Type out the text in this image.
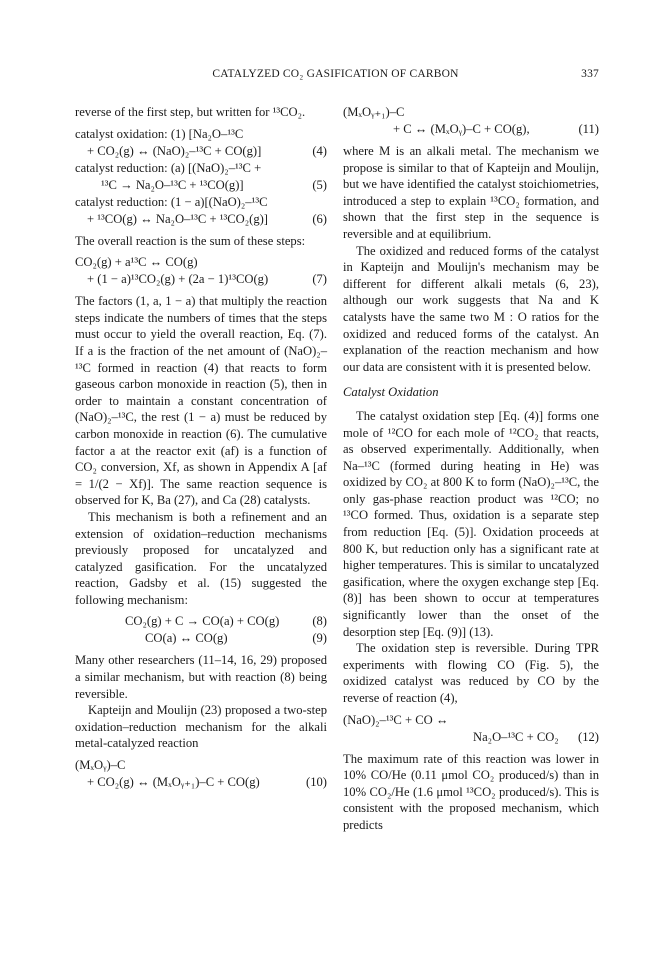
CATALYZED CO₂ GASIFICATION OF CARBON	337

reverse of the first step, but written for ¹³CO₂.

catalyst oxidation: (1) [Na₂O–¹³C
+ CO₂(g) ↔ (NaO)₂–¹³C + CO(g)]	(4)
catalyst reduction: (a) [(NaO)₂–¹³C +
¹³C → Na₂O–¹³C + ¹³CO(g)]	(5)
catalyst reduction: (1 − a)[(NaO)₂–¹³C
+ ¹³CO(g) ↔ Na₂O–¹³C + ¹³CO₂(g)]	(6)

The overall reaction is the sum of these steps:

CO₂(g) + a¹³C ↔ CO(g)
+ (1 − a)¹³CO₂(g) + (2a − 1)¹³CO(g)	(7)

The factors (1, a, 1 − a) that multiply the reaction steps indicate the numbers of times that the steps must occur to yield the overall reaction, Eq. (7). If a is the fraction of the net amount of (NaO)₂–¹³C formed in reaction (4) that reacts to form gaseous carbon monoxide in reaction (5), then in order to maintain a constant concentration of (NaO)₂–¹³C, the rest (1 − a) must be reduced by carbon monoxide in reaction (6). The cumulative factor a at the reactor exit (af) is a function of CO₂ conversion, Xf, as shown in Appendix A [af = 1/(2 − Xf)]. The same reaction sequence is observed for K, Ba (27), and Ca (28) catalysts.

This mechanism is both a refinement and an extension of oxidation–reduction mechanisms previously proposed for uncatalyzed and catalyzed gasification. For the uncatalyzed reaction, Gadsby et al. (15) suggested the following mechanism:

CO₂(g) + C → CO(a) + CO(g)	(8)
CO(a) ↔ CO(g)	(9)

Many other researchers (11–14, 16, 29) proposed a similar mechanism, but with reaction (8) being reversible.

Kapteijn and Moulijn (23) proposed a two-step oxidation–reduction mechanism for the alkali metal-catalyzed reaction

(MₓOᵧ)–C
+ CO₂(g) ↔ (MₓOᵧ₊₁)–C + CO(g)	(10)
(MₓOᵧ₊₁)–C
+ C ↔ (MₓOᵧ)–C + CO(g),	(11)

where M is an alkali metal. The mechanism we propose is similar to that of Kapteijn and Moulijn, but we have identified the catalyst stoichiometries, introduced a step to explain ¹³CO₂ formation, and shown that the first step in the sequence is reversible and at equilibrium.

The oxidized and reduced forms of the catalyst in Kapteijn and Moulijn's mechanism may be different for different alkali metals (6, 23), although our work suggests that Na and K catalysts have the same two M : O ratios for the oxidized and reduced forms of the catalyst. An explanation of the reaction mechanism and how our data are consistent with it is presented below.

Catalyst Oxidation

The catalyst oxidation step [Eq. (4)] forms one mole of ¹²CO for each mole of ¹²CO₂ that reacts, as observed experimentally. Additionally, when Na–¹³C (formed during heating in He) was oxidized by CO₂ at 800 K to form (NaO)₂–¹³C, the only gas-phase reaction product was ¹²CO; no ¹³CO formed. Thus, oxidation is a separate step from reduction [Eq. (5)]. Oxidation proceeds at 800 K, but reduction only has a significant rate at higher temperatures. This is similar to uncatalyzed gasification, where the oxygen exchange step [Eq. (8)] has been shown to occur at temperatures significantly lower than the onset of the desorption step [Eq. (9)] (13).

The oxidation step is reversible. During TPR experiments with flowing CO (Fig. 5), the oxidized catalyst was reduced by CO by the reverse of reaction (4),

(NaO)₂–¹³C + CO ↔
Na₂O–¹³C + CO₂ (12)

The maximum rate of this reaction was lower in 10% CO/He (0.11 μmol CO₂ produced/s) than in 10% CO₂/He (1.6 μmol ¹³CO₂ produced/s). This is consistent with the proposed mechanism, which predicts
